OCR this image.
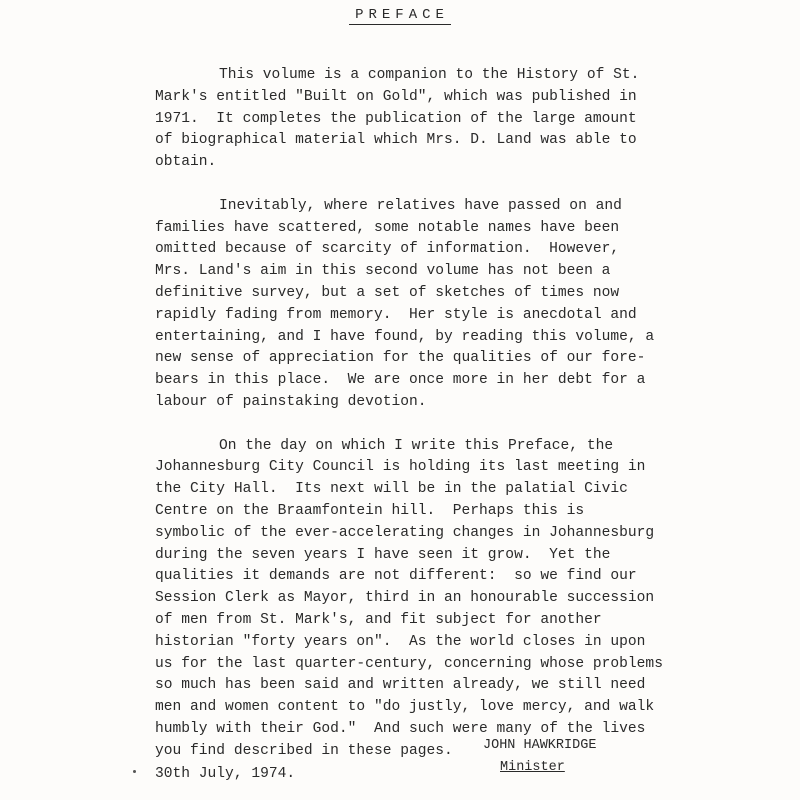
PREFACE
This volume is a companion to the History of St.
Mark's entitled "Built on Gold", which was published in
1971.  It completes the publication of the large amount
of biographical material which Mrs. D. Land was able to
obtain.
Inevitably, where relatives have passed on and
families have scattered, some notable names have been
omitted because of scarcity of information.  However,
Mrs. Land's aim in this second volume has not been a
definitive survey, but a set of sketches of times now
rapidly fading from memory.  Her style is anecdotal and
entertaining, and I have found, by reading this volume, a
new sense of appreciation for the qualities of our fore-
bears in this place.  We are once more in her debt for a
labour of painstaking devotion.
On the day on which I write this Preface, the
Johannesburg City Council is holding its last meeting in
the City Hall.  Its next will be in the palatial Civic
Centre on the Braamfontein hill.  Perhaps this is
symbolic of the ever-accelerating changes in Johannesburg
during the seven years I have seen it grow.  Yet the
qualities it demands are not different:  so we find our
Session Clerk as Mayor, third in an honourable succession
of men from St. Mark's, and fit subject for another
historian "forty years on".  As the world closes in upon
us for the last quarter-century, concerning whose problems
so much has been said and written already, we still need
men and women content to "do justly, love mercy, and walk
humbly with their God."  And such were many of the lives
you find described in these pages.	JOHN HAWKRIDGE
Minister
30th July, 1974.
